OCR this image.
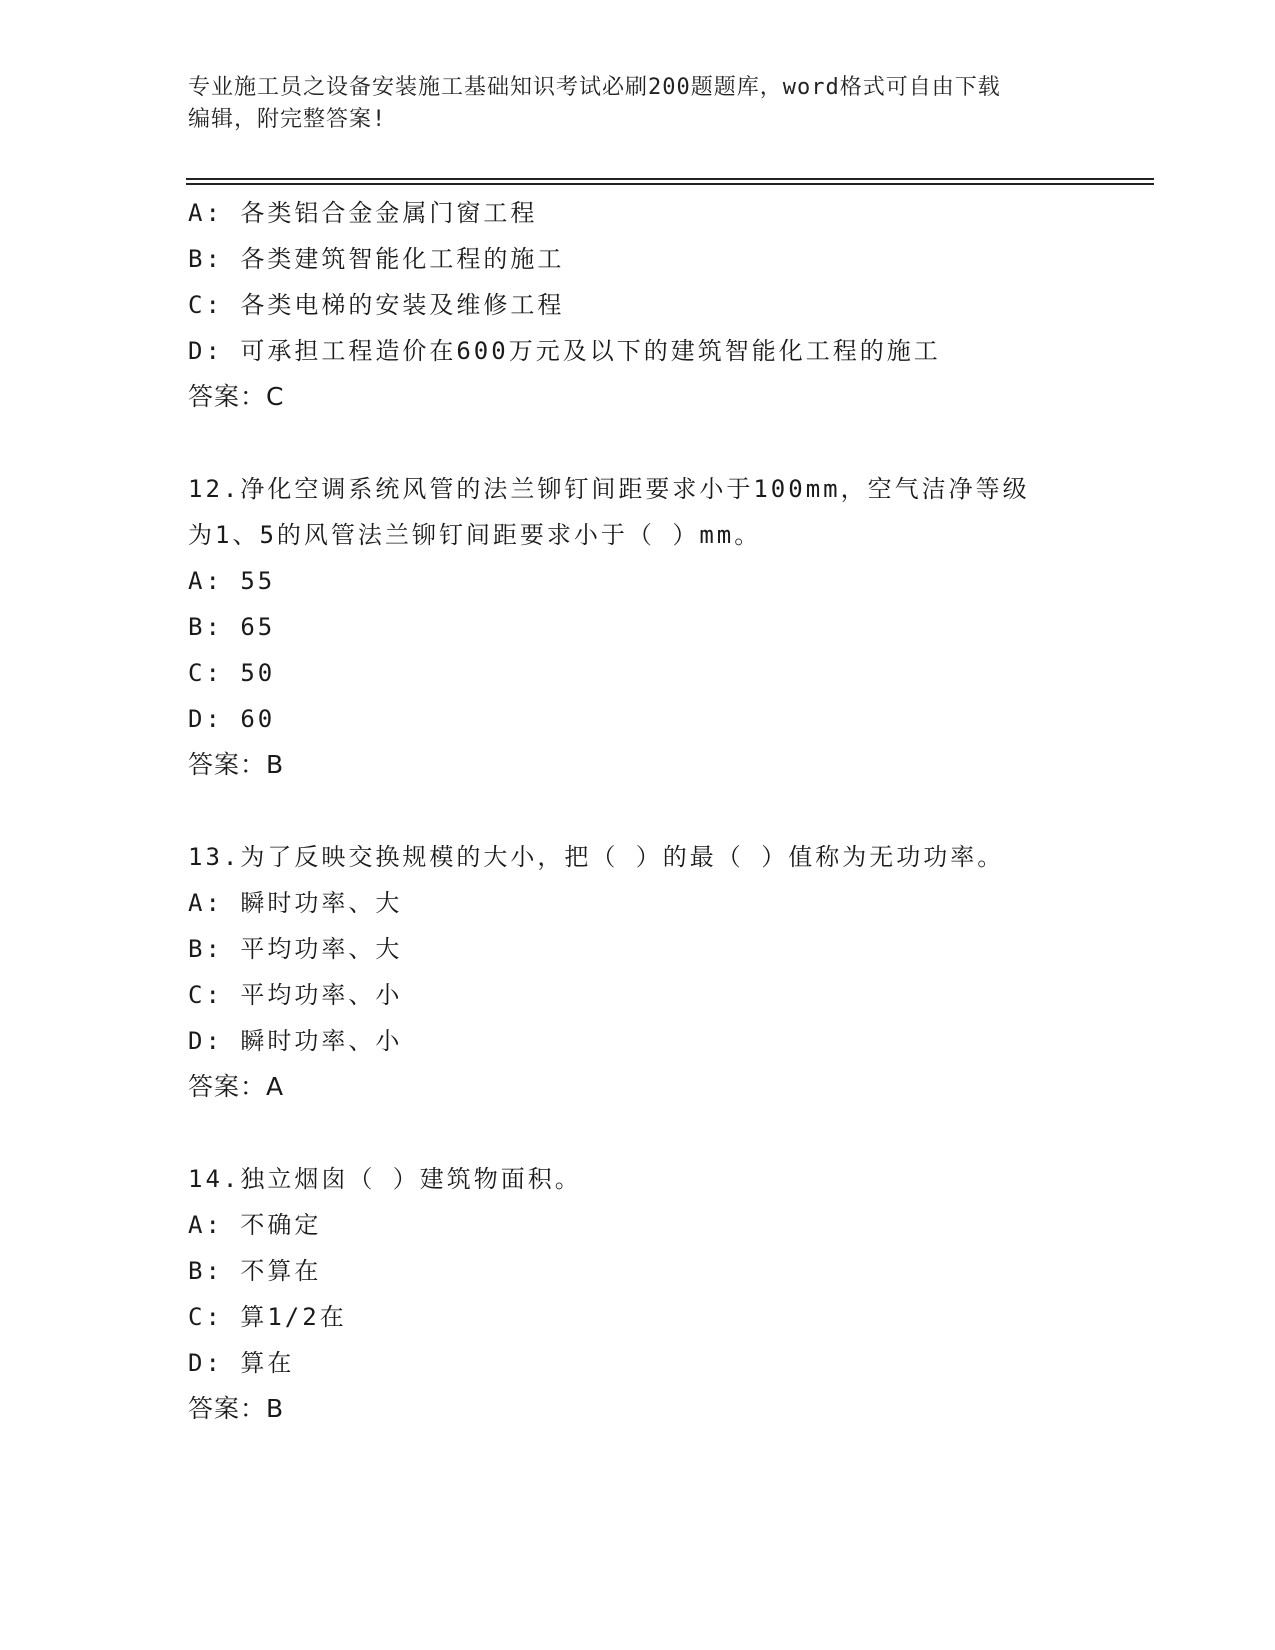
专业施工员之设备安装施工基础知识考试必刷200题题库，word格式可自由下载
编辑，附完整答案!
A: 各类铝合金金属门窗工程
B: 各类建筑智能化工程的施工
C: 各类电梯的安装及维修工程
D: 可承担工程造价在600万元及以下的建筑智能化工程的施工
答案：C
12.净化空调系统风管的法兰铆钉间距要求小于100mm，空气洁净等级
为1、5的风管法兰铆钉间距要求小于（ ）mm。
A: 55
B: 65
C: 50
D: 60
答案：B
13.为了反映交换规模的大小，把（ ）的最（ ）值称为无功功率。
A: 瞬时功率、大
B: 平均功率、大
C: 平均功率、小
D: 瞬时功率、小
答案：A
14.独立烟囱（ ）建筑物面积。
A: 不确定
B: 不算在
C: 算1/2在
D: 算在
答案：B
